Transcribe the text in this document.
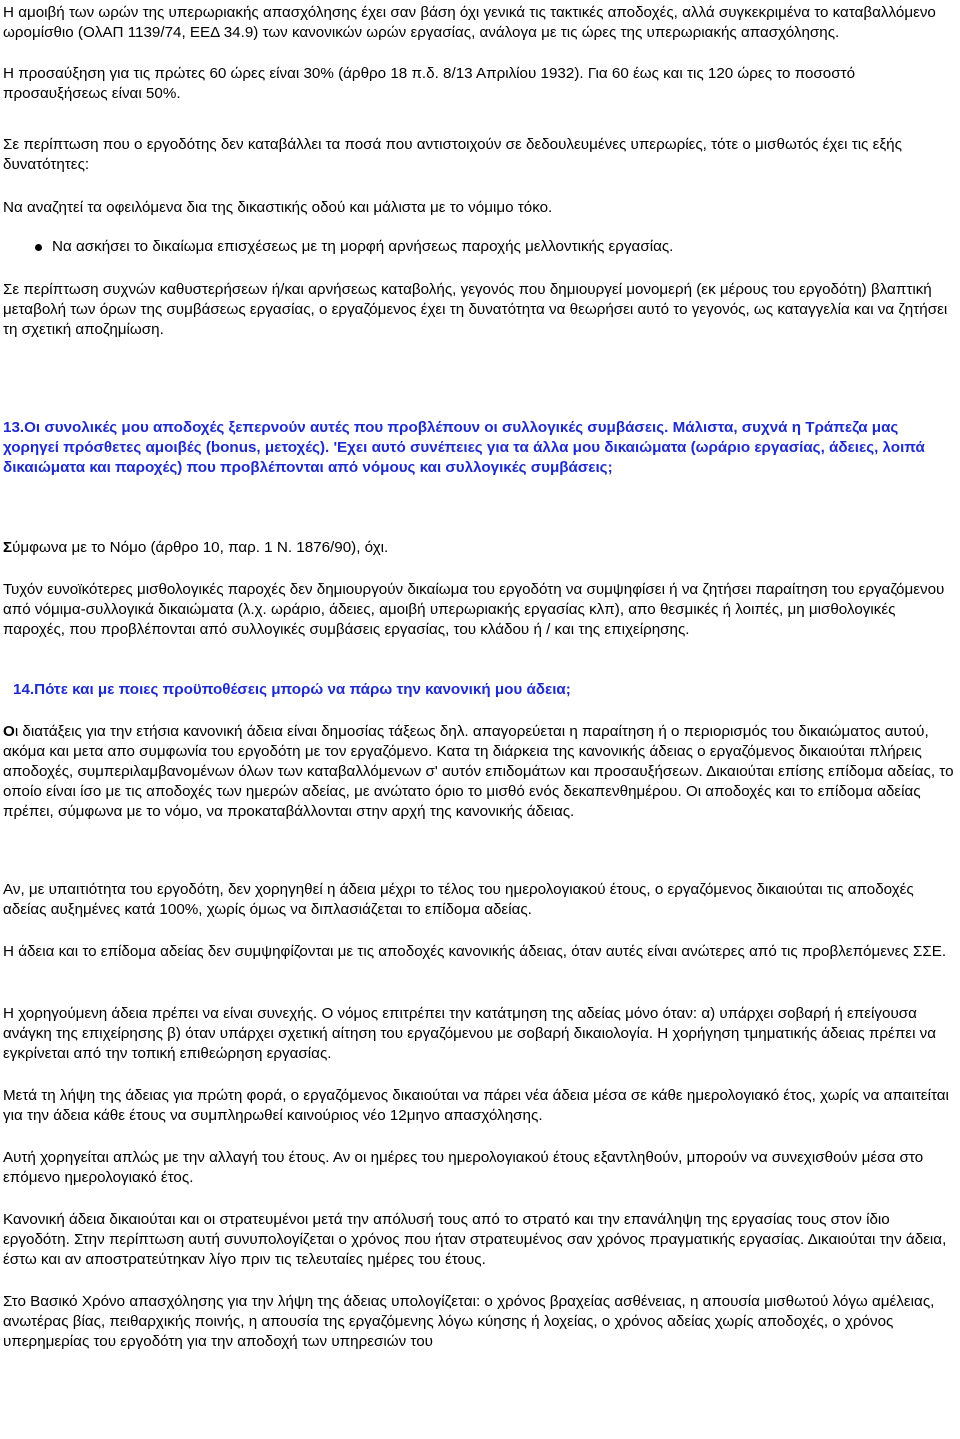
Η αμοιβή των ωρών της υπερωριακής απασχόλησης έχει σαν βάση όχι γενικά τις τακτικές αποδοχές, αλλά συγκεκριμένα το καταβαλλόμενο ωρομίσθιο (ΟλΑΠ 1139/74, ΕΕΔ 34.9) των κανονικών ωρών εργασίας, ανάλογα με τις ώρες της υπερωριακής απασχόλησης.

Η προσαύξηση για τις πρώτες 60 ώρες είναι 30% (άρθρο 18 π.δ. 8/13 Απριλίου 1932). Για 60 έως και τις 120 ώρες το ποσοστό προσαυξήσεως είναι 50%.

Σε περίπτωση που ο εργοδότης δεν καταβάλλει τα ποσά που αντιστοιχούν σε δεδουλευμένες υπερωρίες, τότε ο μισθωτός έχει τις εξής δυνατότητες:

Να αναζητεί τα οφειλόμενα δια της δικαστικής οδού και μάλιστα με το νόμιμο τόκο.

Να ασκήσει το δικαίωμα επισχέσεως με τη μορφή αρνήσεως παροχής μελλοντικής εργασίας.

Σε περίπτωση συχνών καθυστερήσεων ή/και αρνήσεως καταβολής, γεγονός που δημιουργεί μονομερή (εκ μέρους του εργοδότη) βλαπτική μεταβολή των όρων της συμβάσεως εργασίας, ο εργαζόμενος έχει τη δυνατότητα να θεωρήσει αυτό το γεγονός, ως καταγγελία και να ζητήσει τη σχετική αποζημίωση.

13.Οι συνολικές μου αποδοχές ξεπερνούν αυτές που προβλέπουν οι συλλογικές συμβάσεις. Μάλιστα, συχνά η Τράπεζα μας χορηγεί πρόσθετες αμοιβές (bonus, μετοχές). 'Εχει αυτό συνέπειες για τα άλλα μου δικαιώματα (ωράριο εργασίας, άδειες, λοιπά δικαιώματα και παροχές) που προβλέπονται από νόμους και συλλογικές συμβάσεις;

Σύμφωνα με το Νόμο (άρθρο 10, παρ. 1 Ν. 1876/90), όχι.

Τυχόν ευνοϊκότερες μισθολογικές παροχές δεν δημιουργούν δικαίωμα του εργοδότη να συμψηφίσει ή να ζητήσει παραίτηση του εργαζόμενου από νόμιμα-συλλογικά δικαιώματα (λ.χ. ωράριο, άδειες, αμοιβή υπερωριακής εργασίας κλπ), απο θεσμικές ή λοιπές, μη μισθολογικές παροχές, που προβλέπονται από συλλογικές συμβάσεις εργασίας, του κλάδου ή / και της επιχείρησης.

14.Πότε και με ποιες προϋποθέσεις μπορώ να πάρω την κανονική μου άδεια;

Οι διατάξεις για την ετήσια κανονική άδεια είναι δημοσίας τάξεως δηλ. απαγορεύεται η παραίτηση ή ο περιορισμός του δικαιώματος αυτού, ακόμα και μετα απο συμφωνία του εργοδότη με τον εργαζόμενο. Κατα τη διάρκεια της κανονικής άδειας ο εργαζόμενος δικαιούται πλήρεις αποδοχές, συμπεριλαμβανομένων όλων των καταβαλλόμενων σ' αυτόν επιδομάτων και προσαυξήσεων. Δικαιούται επίσης επίδομα αδείας, το οποίο είναι ίσο με τις αποδοχές των ημερών αδείας, με ανώτατο όριο το μισθό ενός δεκαπενθημέρου. Οι αποδοχές και το επίδομα αδείας πρέπει, σύμφωνα με το νόμο, να προκαταβάλλονται στην αρχή της κανονικής άδειας.

Αν, με υπαιτιότητα του εργοδότη, δεν χορηγηθεί η άδεια μέχρι το τέλος του ημερολογιακού έτους, ο εργαζόμενος δικαιούται τις αποδοχές αδείας αυξημένες κατά 100%, χωρίς όμως να διπλασιάζεται το επίδομα αδείας.

Η άδεια και το επίδομα αδείας δεν συμψηφίζονται με τις αποδοχές κανονικής άδειας, όταν αυτές είναι ανώτερες από τις προβλεπόμενες ΣΣΕ.

Η χορηγούμενη άδεια πρέπει να είναι συνεχής. Ο νόμος επιτρέπει την κατάτμηση της αδείας μόνο όταν: α) υπάρχει σοβαρή ή επείγουσα ανάγκη της επιχείρησης β) όταν υπάρχει σχετική αίτηση του εργαζόμενου με σοβαρή δικαιολογία. Η χορήγηση τμηματικής άδειας πρέπει να εγκρίνεται από την τοπική επιθεώρηση εργασίας.

Μετά τη λήψη της άδειας για πρώτη φορά, ο εργαζόμενος δικαιούται να πάρει νέα άδεια μέσα σε κάθε ημερολογιακό έτος, χωρίς να απαιτείται για την άδεια κάθε έτους να συμπληρωθεί καινούριος νέο 12μηνο απασχόλησης.

Αυτή χορηγείται απλώς με την αλλαγή του έτους. Αν οι ημέρες του ημερολογιακού έτους εξαντληθούν, μπορούν να συνεχισθούν μέσα στο επόμενο ημερολογιακό έτος.

Κανονική άδεια δικαιούται και οι στρατευμένοι μετά την απόλυσή τους από το στρατό και την επανάληψη της εργασίας τους στον ίδιο εργοδότη. Στην περίπτωση αυτή συνυπολογίζεται ο χρόνος που ήταν στρατευμένος σαν χρόνος πραγματικής εργασίας. Δικαιούται την άδεια, έστω και αν αποστρατεύτηκαν λίγο πριν τις τελευταίες ημέρες του έτους.

Στο Βασικό Χρόνο απασχόλησης για την λήψη της άδειας υπολογίζεται: ο χρόνος βραχείας ασθένειας, η απουσία μισθωτού λόγω αμέλειας, ανωτέρας βίας, πειθαρχικής ποινής, η απουσία της εργαζόμενης λόγω κύησης ή λοχείας, ο χρόνος αδείας χωρίς αποδοχές, ο χρόνος υπερημερίας του εργοδότη για την αποδοχή των υπηρεσιών του
